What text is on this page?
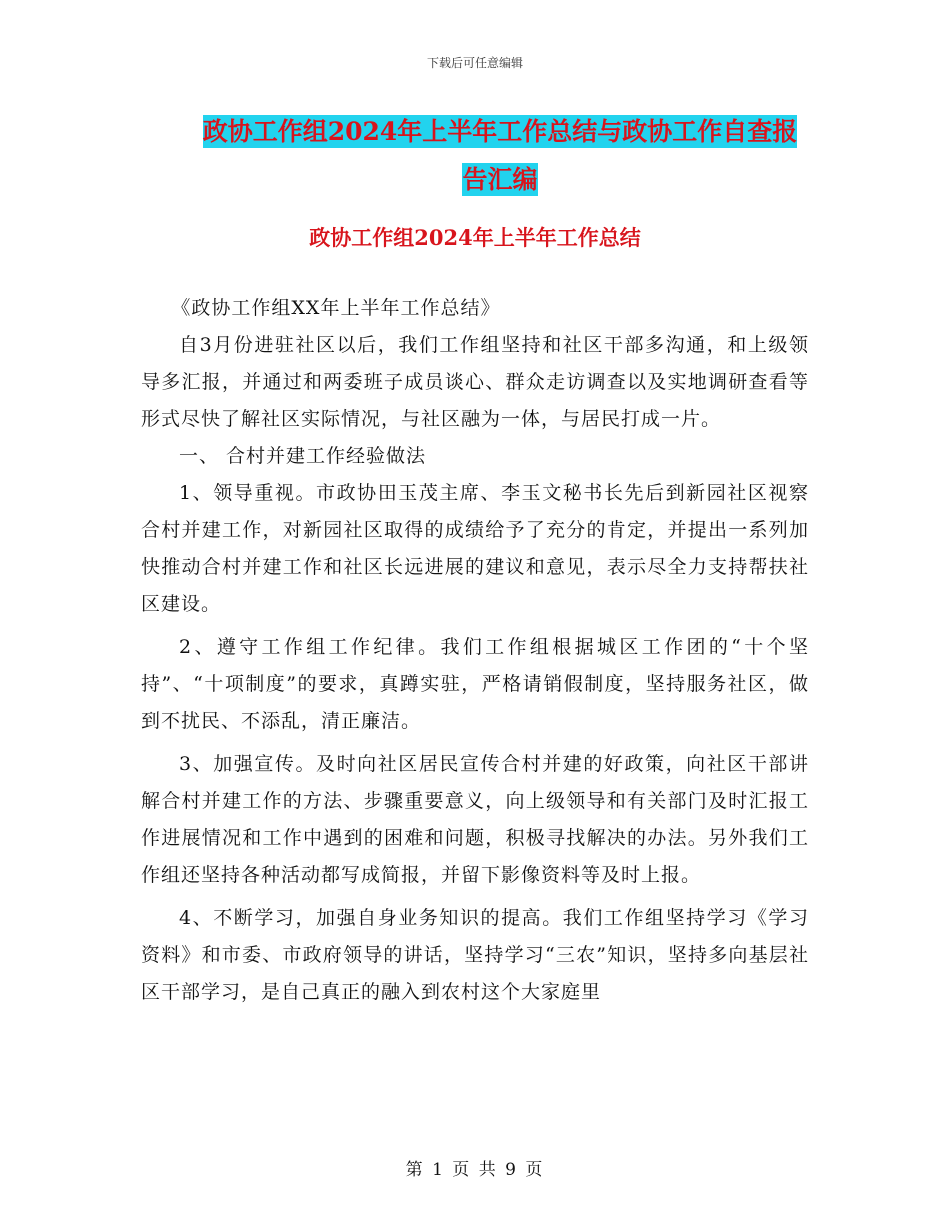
下载后可任意编辑
政协工作组2024年上半年工作总结与政协工作自查报
告汇编
政协工作组2024年上半年工作总结

《政协工作组XX年上半年工作总结》

自3月份进驻社区以后，我们工作组坚持和社区干部多沟通，和上级领导多汇报，并通过和两委班子成员谈心、群众走访调查以及实地调研查看等形式尽快了解社区实际情况，与社区融为一体，与居民打成一片。

一、 合村并建工作经验做法

1、领导重视。市政协田玉茂主席、李玉文秘书长先后到新园社区视察合村并建工作，对新园社区取得的成绩给予了充分的肯定，并提出一系列加快推动合村并建工作和社区长远进展的建议和意见，表示尽全力支持帮扶社区建设。

2、遵守工作组工作纪律。我们工作组根据城区工作团的“十个坚持”、“十项制度”的要求，真蹲实驻，严格请销假制度，坚持服务社区，做到不扰民、不添乱，清正廉洁。

3、加强宣传。及时向社区居民宣传合村并建的好政策，向社区干部讲解合村并建工作的方法、步骤重要意义，向上级领导和有关部门及时汇报工作进展情况和工作中遇到的困难和问题，积极寻找解决的办法。另外我们工作组还坚持各种活动都写成简报，并留下影像资料等及时上报。

4、不断学习，加强自身业务知识的提高。我们工作组坚持学习《学习资料》和市委、市政府领导的讲话，坚持学习“三农”知识，坚持多向基层社区干部学习，是自己真正的融入到农村这个大家庭里

第 1 页 共 9 页
